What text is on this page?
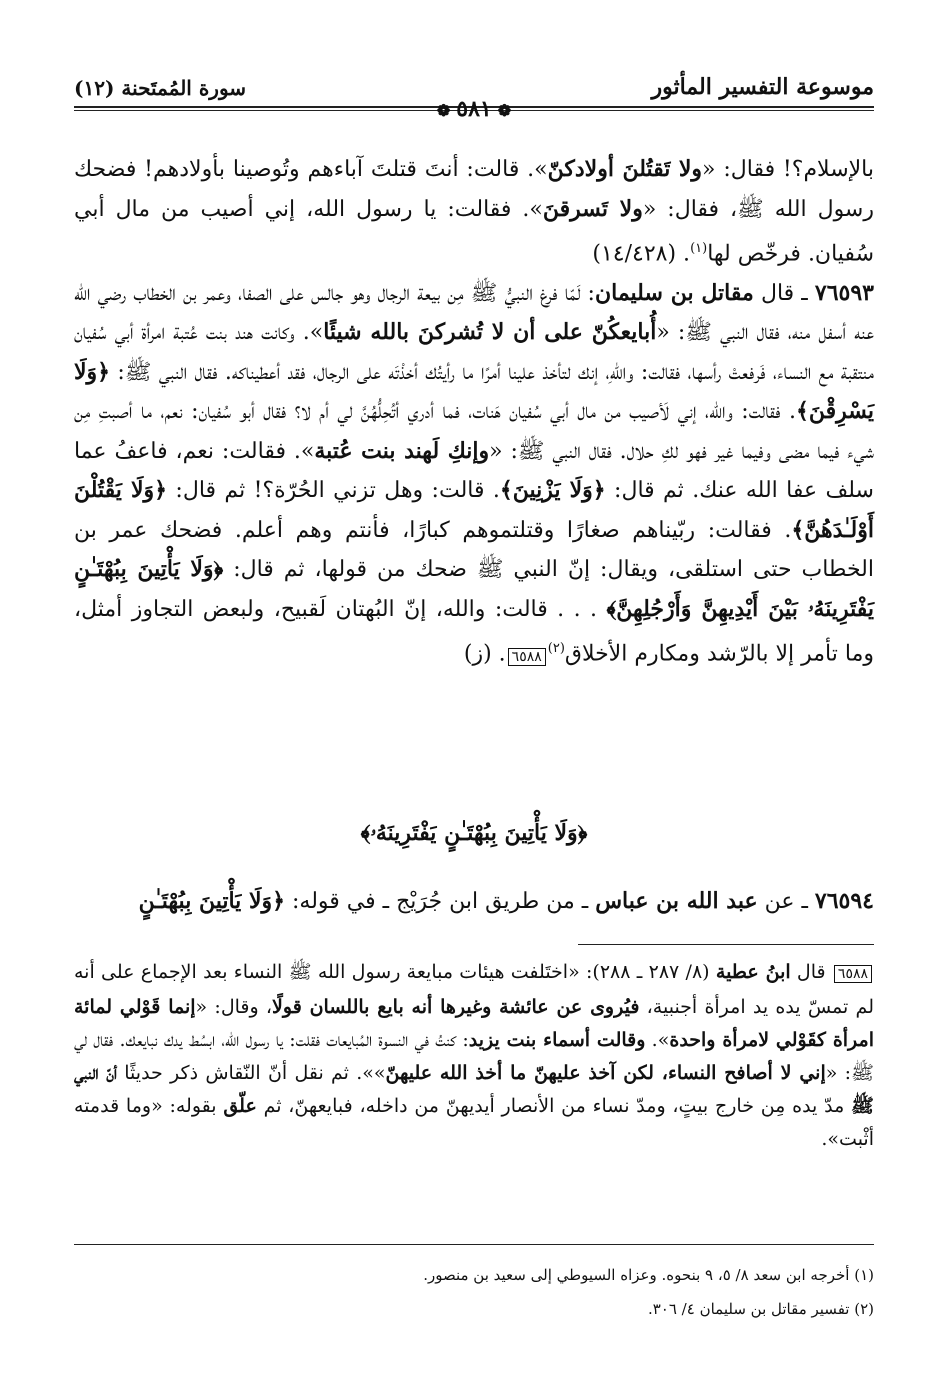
موسوعة التفسير المأثور
سورة المُمتَحنة (١٢)
❁٥٨١❁

بالإسلام؟! فقال: «ولا تَقتُلنَ أولادكنّ». قالت: أنتَ قتلتَ آباءهم وتُوصينا بأولادهم! فضحك رسول الله ﷺ، فقال: «ولا تَسرقنَ». فقالت: يا رسول الله، إني أصيب من مال أبي سُفيان. فرخّص لها$^{(١)}$. (١٤/٤٢٨)

٧٦٥٩٣ ـ قال مقاتل بن سليمان: لَمّا فرغ النبيُّ ﷺ مِن بيعة الرجال وهو جالس على الصفا، وعمر بن الخطاب رضي الله عنه أسفل منه، فقال النبي ﷺ: «أُبايعكُنّ على أن لا تُشركنَ بالله شيئًا». وكانت هند بنت عُتبة امرأة أبي سُفيان منتقبة مع النساء، فَرفعتْ رأسها، فقالت: واللهِ، إنك لتأخذ علينا أمرًا ما رأيتُك أخذْتَه على الرجال، فقد أعطيناكه. فقال النبي ﷺ: ﴿وَلَا يَسْرِقْنَ﴾. فقالت: والله، إني لَأصيب من مال أبي سُفيان هَنات، فما أدري أتُحِلُّهُنَّ لي أم لا؟ فقال أبو سُفيان: نعم، ما أصبتِ مِن شيء فيما مضى وفيما غير فهو لكِ حلال. فقال النبي ﷺ: «وإنكِ لَهند بنت عُتبة». فقالت: نعم، فاعفُ عما سلف عفا الله عنك. ثم قال: ﴿وَلَا يَزْنِينَ﴾. قالت: وهل تزني الحُرّة؟! ثم قال: ﴿وَلَا يَقْتُلْنَ أَوْلَـٰدَهُنَّ﴾. فقالت: ربّيناهم صغارًا وقتلتموهم كبارًا، فأنتم وهم أعلم. فضحك عمر بن الخطاب حتى استلقى، ويقال: إنّ النبي ﷺ ضحك من قولها، ثم قال: ﴿وَلَا يَأْتِينَ بِبُهْتَـٰنٍ يَفْتَرِينَهُۥ بَيْنَ أَيْدِيهِنَّ وَأَرْجُلِهِنَّ﴾ . . . قالت: والله، إنّ البُهتان لَقبيح، ولبعض التجاوز أمثل، وما تأمر إلا بالرّشد ومكارم الأخلاق$^{(٢)}$٦٥٨٨. (ز)

﴿وَلَا يَأْتِينَ بِبُهْتَـٰنٍ يَفْتَرِينَهُۥ﴾
٧٦٥٩٤ ـ عن عبد الله بن عباس ـ من طريق ابن جُرَيْج ـ في قوله: ﴿وَلَا يَأْتِينَ بِبُهْتَـٰنٍ

٦٥٨٨ قال ابنُ عطية (٨/ ٢٨٧ ـ ٢٨٨): «اختَلفت هيئات مبايعة رسول الله ﷺ النساء بعد الإجماع على أنه لم تمسّ يده يد امرأة أجنبية، فيُروى عن عائشة وغيرها أنه بايع باللسان قولًا، وقال: «إنما قَوْلي لمائة امرأة كقَوْلي لامرأة واحدة». وقالت أسماء بنت يزيد: كنتُ في النسوة المُبايعات فقلت: يا رسول الله، ابسُط يدك نبايعك. فقال لي ﷺ: «إني لا أصافح النساء، لكن آخذ عليهنّ ما أخذ الله عليهنّ»». ثم نقل أنّ النّقاش ذكر حديثًا أنّ النبي ﷺ مدّ يده مِن خارج بيتٍ، ومدّ نساء من الأنصار أيديهنّ من داخله، فبايعهنّ، ثم علّق بقوله: «وما قدمته أثْبت».

(١) أخرجه ابن سعد ٨/ ٥، ٩ بنحوه. وعزاه السيوطي إلى سعيد بن منصور.
(٢) تفسير مقاتل بن سليمان ٤/ ٣٠٦.
